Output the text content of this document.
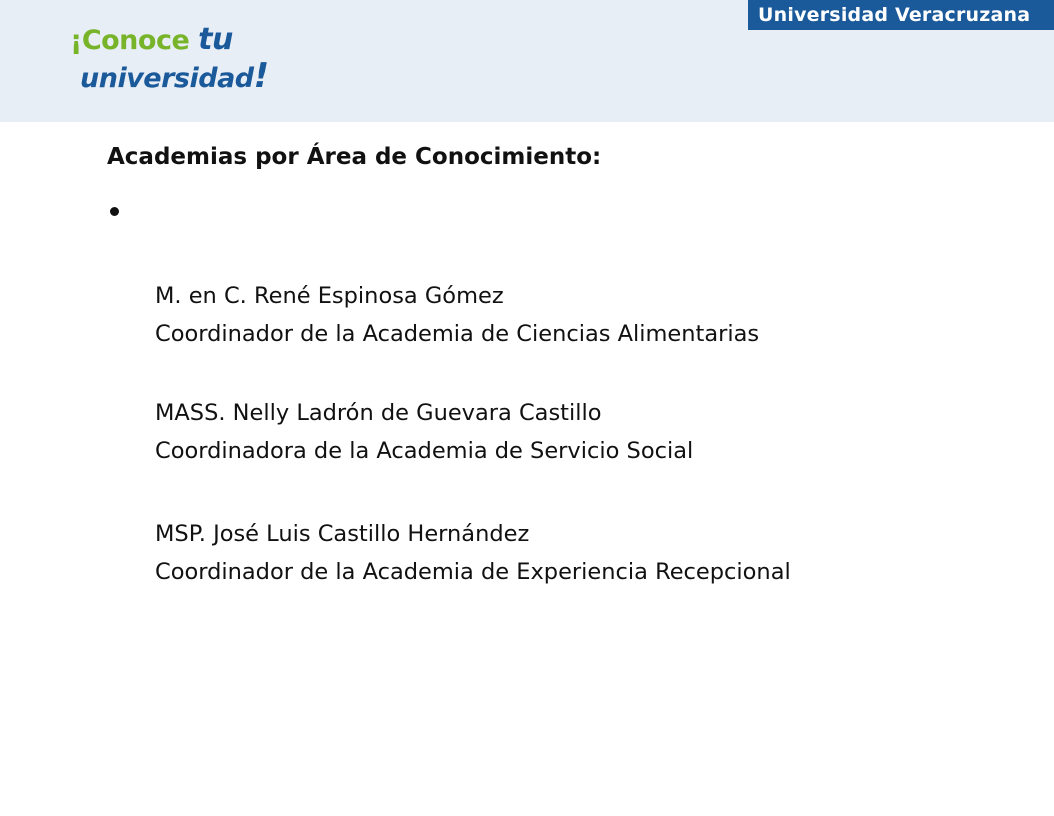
Universidad Veracruzana
¡Conoce tu
universidad!
Academias por Área de Conocimiento:
M. en C. René Espinosa Gómez
Coordinador de la Academia de Ciencias Alimentarias
MASS. Nelly Ladrón de Guevara Castillo
Coordinadora de la Academia de Servicio Social
MSP. José Luis Castillo Hernández
Coordinador de la Academia de Experiencia Recepcional
